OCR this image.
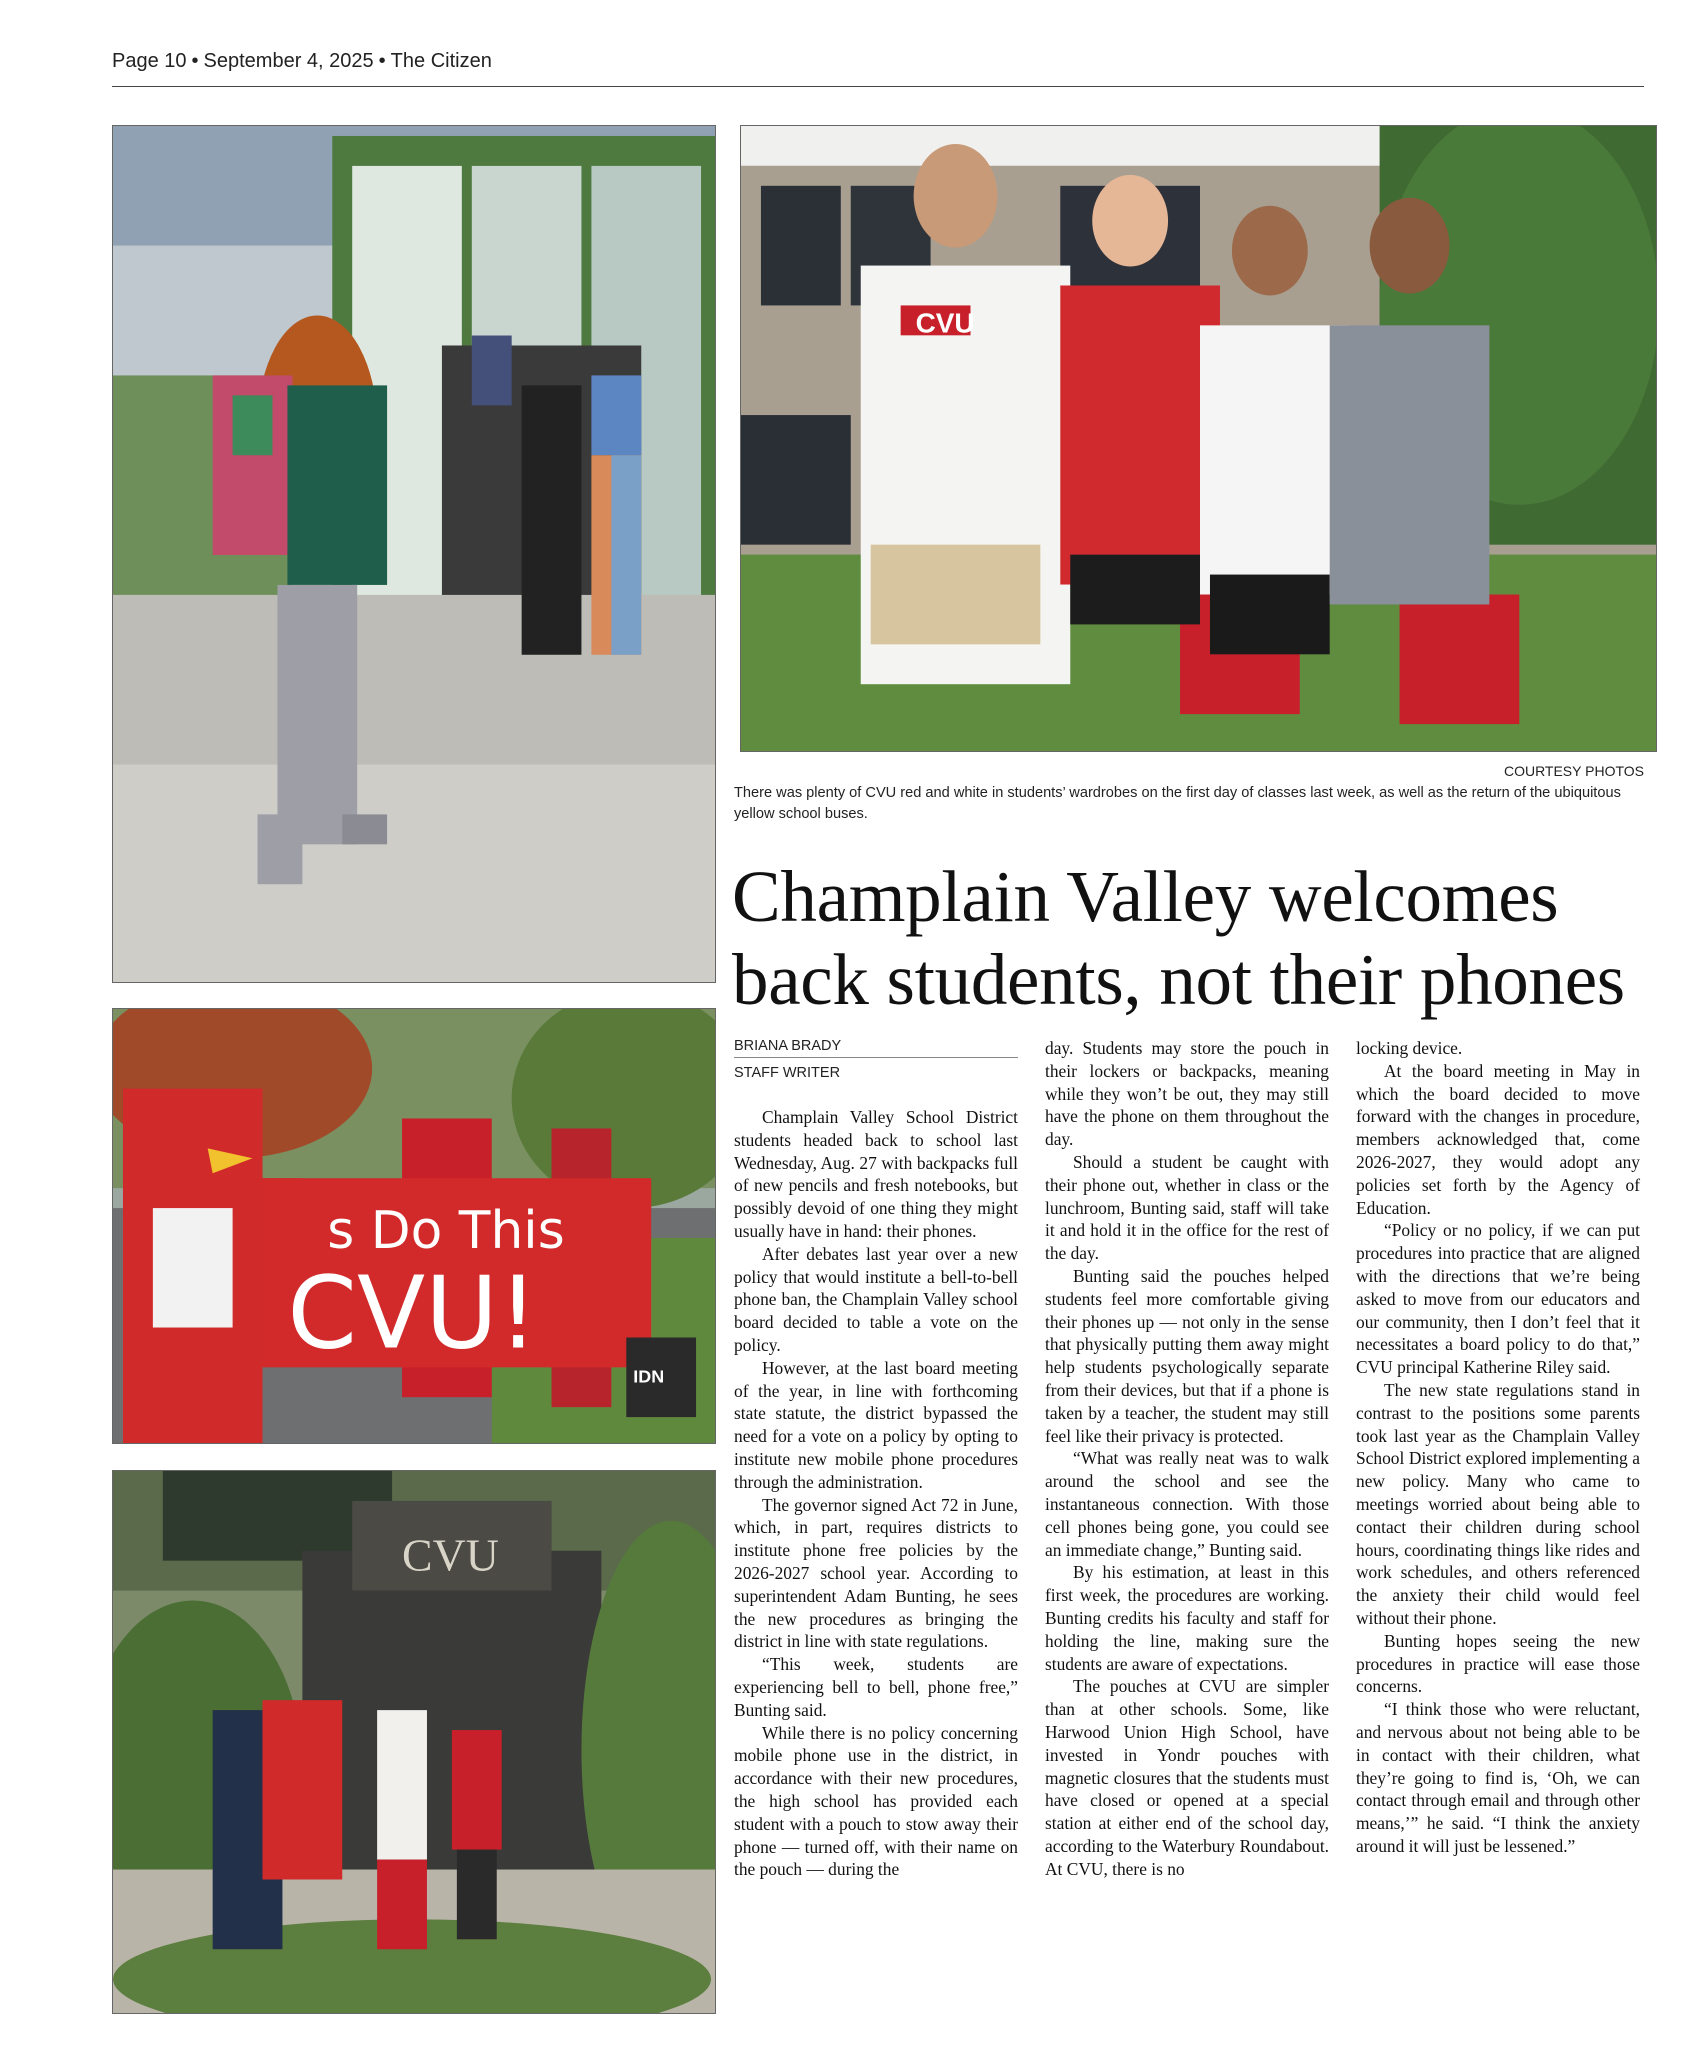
Page 10 • September 4, 2025 • The Citizen
CVU
s Do This
CVU!
IDN
CVU
COURTESY PHOTOS
There was plenty of CVU red and white in students’ wardrobes on the first day of classes last week, as well as the return of the ubiquitous yellow school buses.
Champlain Valley welcomes back students, not their phones
BRIANA BRADY
STAFF WRITER

Champlain Valley School District students headed back to school last Wednesday, Aug. 27 with backpacks full of new pencils and fresh notebooks, but possibly devoid of one thing they might usually have in hand: their phones.

After debates last year over a new policy that would institute a bell-to-bell phone ban, the Champlain Valley school board decided to table a vote on the policy.

However, at the last board meeting of the year, in line with forthcoming state statute, the district bypassed the need for a vote on a policy by opting to institute new mobile phone procedures through the administration.

The governor signed Act 72 in June, which, in part, requires districts to institute phone free policies by the 2026-2027 school year. According to superintendent Adam Bunting, he sees the new procedures as bringing the district in line with state regulations.

“This week, students are experiencing bell to bell, phone free,” Bunting said.

While there is no policy concerning mobile phone use in the district, in accordance with their new procedures, the high school has provided each student with a pouch to stow away their phone — turned off, with their name on the pouch — during the

day. Students may store the pouch in their lockers or backpacks, meaning while they won’t be out, they may still have the phone on them throughout the day.

Should a student be caught with their phone out, whether in class or the lunchroom, Bunting said, staff will take it and hold it in the office for the rest of the day.

Bunting said the pouches helped students feel more comfortable giving their phones up — not only in the sense that physically putting them away might help students psychologically separate from their devices, but that if a phone is taken by a teacher, the student may still feel like their privacy is protected.

“What was really neat was to walk around the school and see the instantaneous connection. With those cell phones being gone, you could see an immediate change,” Bunting said.

By his estimation, at least in this first week, the procedures are working. Bunting credits his faculty and staff for holding the line, making sure the students are aware of expectations.

The pouches at CVU are simpler than at other schools. Some, like Harwood Union High School, have invested in Yondr pouches with magnetic closures that the students must have closed or opened at a special station at either end of the school day, according to the Waterbury Roundabout. At CVU, there is no

locking device.

At the board meeting in May in which the board decided to move forward with the changes in procedure, members acknowledged that, come 2026-2027, they would adopt any policies set forth by the Agency of Education.

“Policy or no policy, if we can put procedures into practice that are aligned with the directions that we’re being asked to move from our educators and our community, then I don’t feel that it necessitates a board policy to do that,” CVU principal Katherine Riley said.

The new state regulations stand in contrast to the positions some parents took last year as the Champlain Valley School District explored implementing a new policy. Many who came to meetings worried about being able to contact their children during school hours, coordinating things like rides and work schedules, and others referenced the anxiety their child would feel without their phone.

Bunting hopes seeing the new procedures in practice will ease those concerns.

“I think those who were reluctant, and nervous about not being able to be in contact with their children, what they’re going to find is, ‘Oh, we can contact through email and through other means,’” he said. “I think the anxiety around it will just be lessened.”
